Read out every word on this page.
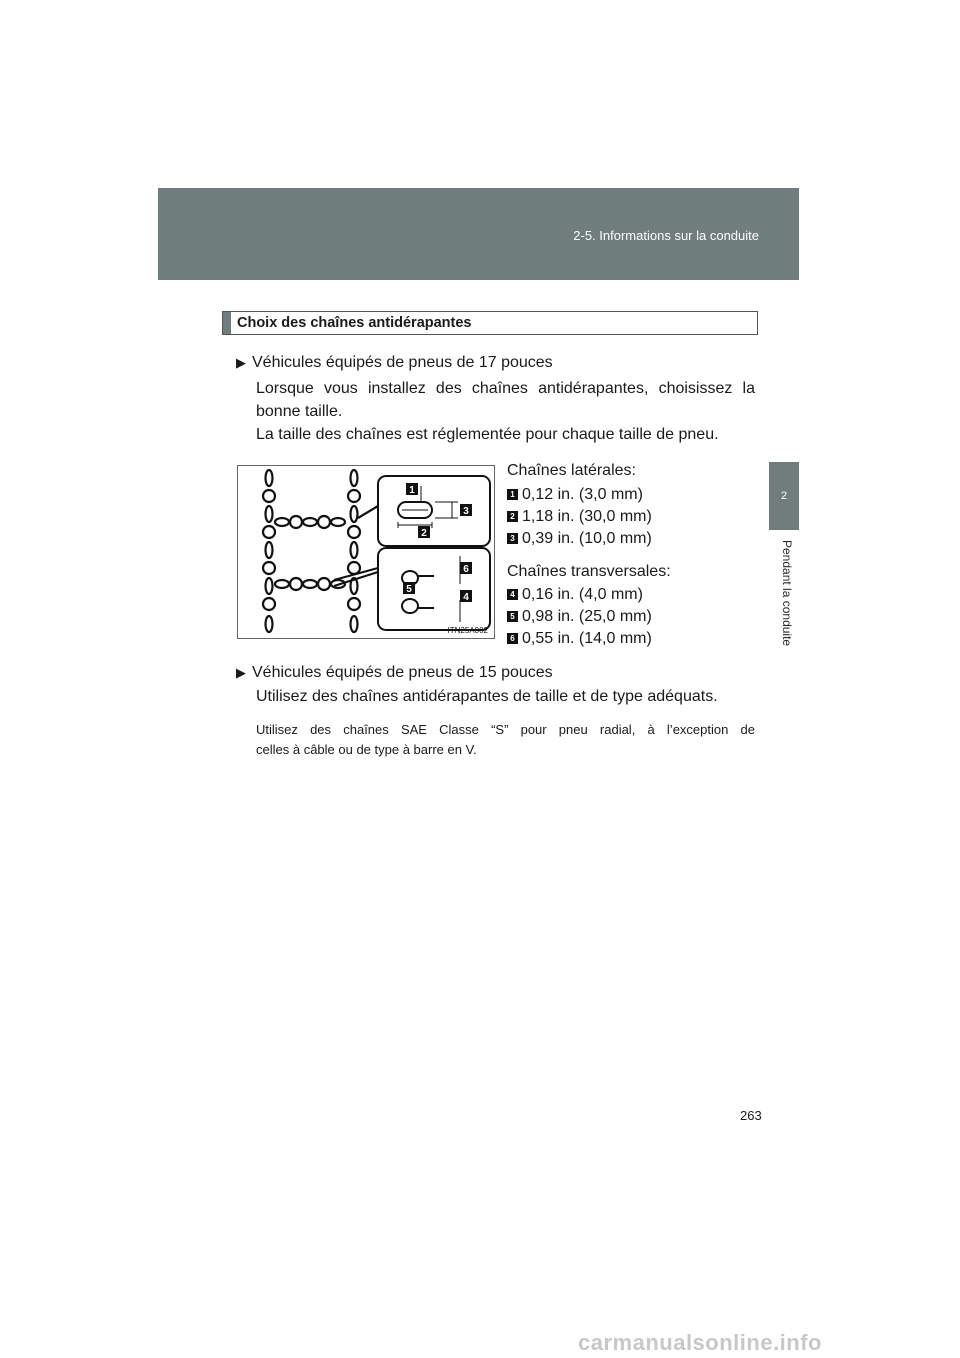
2-5. Informations sur la conduite
2
Pendant la conduite
Choix des chaînes antidérapantes
▶ Véhicules équipés de pneus de 17 pouces
Lorsque vous installez des chaînes antidérapantes, choisissez la
bonne taille.
La taille des chaînes est réglementée pour chaque taille de pneu.
1
2
3
4
5
6
ITN25A002
Chaînes latérales:
1 0,12 in. (3,0 mm)
2 1,18 in. (30,0 mm)
3 0,39 in. (10,0 mm)
Chaînes transversales:
4 0,16 in. (4,0 mm)
5 0,98 in. (25,0 mm)
6 0,55 in. (14,0 mm)
▶ Véhicules équipés de pneus de 15 pouces
Utilisez des chaînes antidérapantes de taille et de type adéquats.
Utilisez des chaînes SAE Classe “S” pour pneu radial, à l’exception de
celles à câble ou de type à barre en V.
263
carmanualsonline.info
